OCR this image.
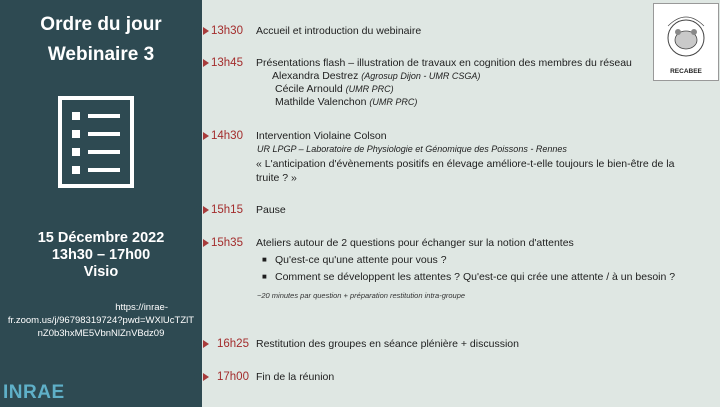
Ordre du jour
Webinaire 3
15 Décembre 2022
13h30 – 17h00
Visio
https://inrae-
fr.zoom.us/j/96798319724?pwd=WXlUcTZlTnZ0b3hxME5VbnNlZnVBdz09
INRAE
13h30 Accueil et introduction du webinaire
13h45 Présentations flash – illustration de travaux en cognition des membres du réseau
Alexandra Destrez (Agrosup Dijon - UMR CSGA)
Cécile Arnould (UMR PRC)
Mathilde Valenchon (UMR PRC)
14h30 Intervention Violaine Colson
UR LPGP – Laboratoire de Physiologie et Génomique des Poissons - Rennes
« L'anticipation d'évènements positifs en élevage améliore-t-elle toujours le bien-être de la truite ? »
15h15 Pause
15h35 Ateliers autour de 2 questions pour échanger sur la notion d'attentes
■ Qu'est-ce qu'une attente pour vous ?
■ Comment se développent les attentes ? Qu'est-ce qui crée une attente / à un besoin ?
~20 minutes par question + préparation restitution intra-groupe
16h25 Restitution des groupes en séance plénière + discussion
17h00 Fin de la réunion
RECABEE
